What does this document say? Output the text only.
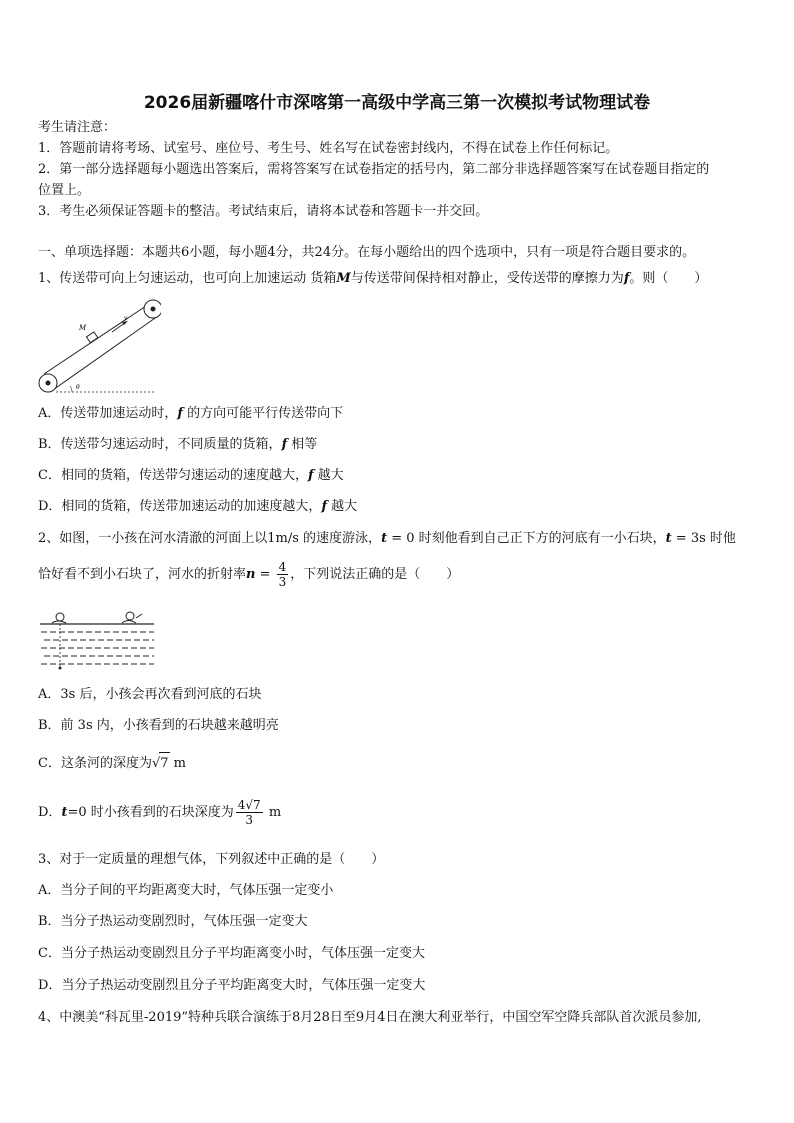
2026届新疆喀什市深喀第一高级中学高三第一次模拟考试物理试卷
考生请注意：
1．答题前请将考场、试室号、座位号、考生号、姓名写在试卷密封线内，不得在试卷上作任何标记。
2．第一部分选择题每小题选出答案后，需将答案写在试卷指定的括号内，第二部分非选择题答案写在试卷题目指定的
位置上。
3．考生必须保证答题卡的整洁。考试结束后，请将本试卷和答题卡一并交回。
一、单项选择题：本题共6小题，每小题4分，共24分。在每小题给出的四个选项中，只有一项是符合题目要求的。
1、传送带可向上匀速运动，也可向上加速运动 货箱M与传送带间保持相对静止，受传送带的摩擦力为f。则（　　）
M
v
θ
A．传送带加速运动时，f 的方向可能平行传送带向下
B．传送带匀速运动时，不同质量的货箱，f 相等
C．相同的货箱，传送带匀速运动的速度越大，f 越大
D．相同的货箱，传送带加速运动的加速度越大，f 越大
2、如图，一小孩在河水清澈的河面上以1m/s 的速度游泳，t = 0 时刻他看到自己正下方的河底有一小石块，t = 3s 时他
恰好看不到小石块了，河水的折射率$n = \frac{4}{3}$ ，下列说法正确的是（　　）
A．3s 后，小孩会再次看到河底的石块
B．前 3s 内，小孩看到的石块越来越明亮
C．这条河的深度为√7 m
D．t=0 时小孩看到的石块深度为 $\frac{4√7}{3}$ m
3、对于一定质量的理想气体，下列叙述中正确的是（　　）
A．当分子间的平均距离变大时，气体压强一定变小
B．当分子热运动变剧烈时，气体压强一定变大
C．当分子热运动变剧烈且分子平均距离变小时，气体压强一定变大
D．当分子热运动变剧烈且分子平均距离变大时，气体压强一定变大
4、中澳美“科瓦里-2019”特种兵联合演练于8月28日至9月4日在澳大利亚举行，中国空军空降兵部队首次派员参加,
